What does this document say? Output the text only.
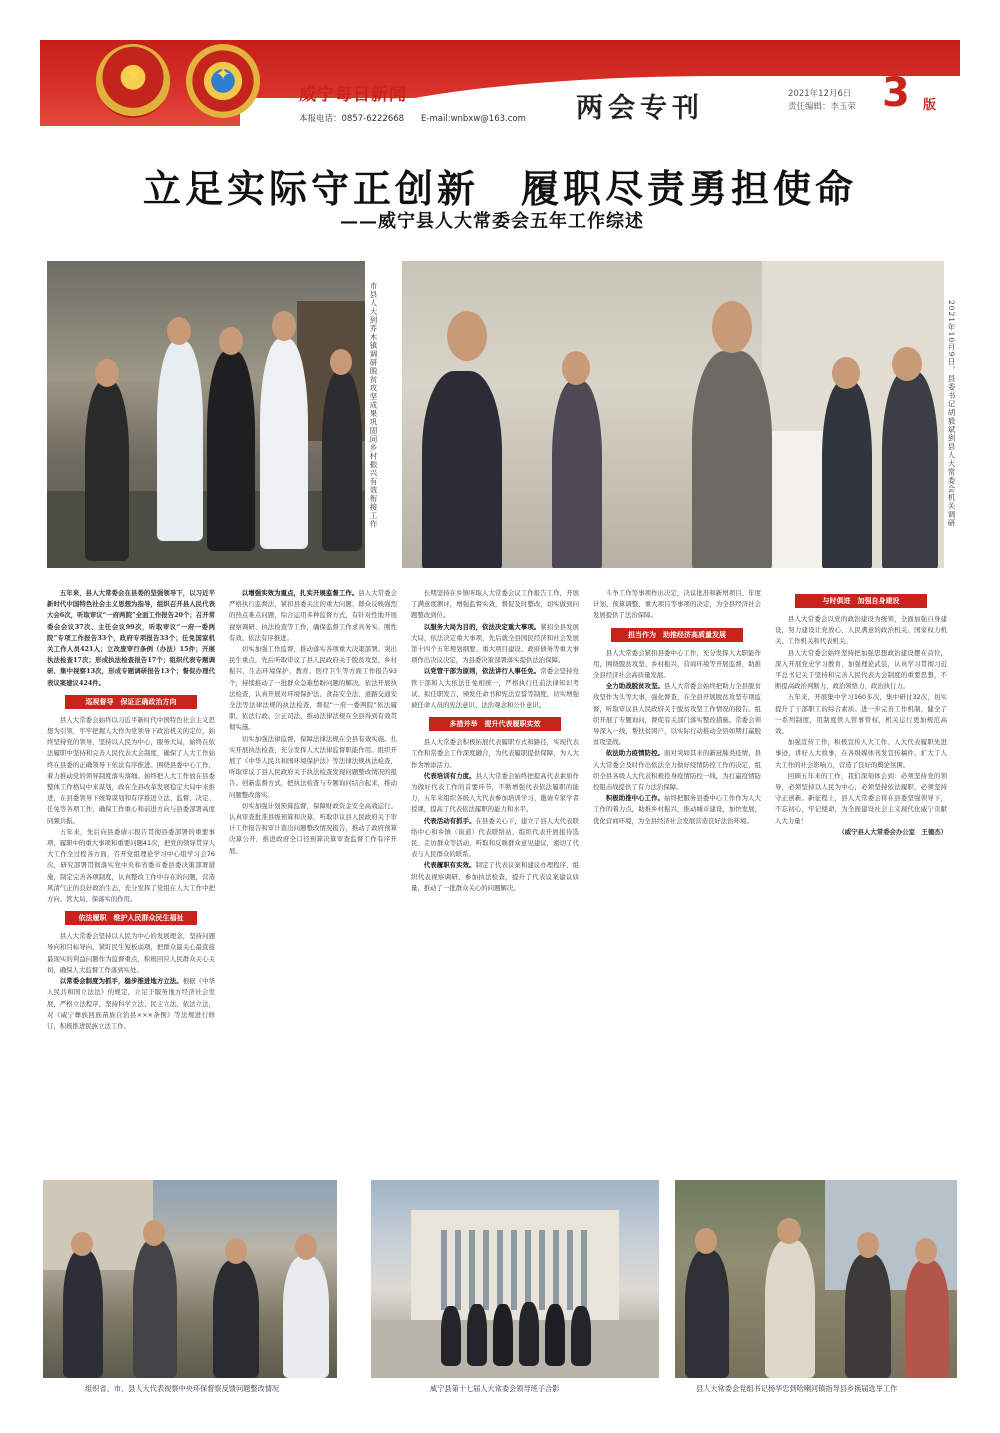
★	✦
威宁每日新闻
本报电话：0857-6222668　　E-mail:wnbxw@163.com 两会专刊	2021年12月6日
责任编辑：李玉荣 3 版
立足实际守正创新　履职尽责勇担使命
——威宁县人大常委会五年工作综述
市县人大到乔木镇调研脱贫攻坚成果巩固同乡村振兴有效衔接工作	2021年10月9日，县委书记胡毅斌到县人大常委会机关调研

五年来，县人大常委会在县委的坚强领导下，以习近平新时代中国特色社会主义思想为指导，组织召开县人民代表大会6次，听取审议“一府两院”全面工作报告20个；召开常委会会议37次、主任会议99次，听取审议“一府一委两院”专项工作报告33个，政府专项报告33个；任免国家机关工作人员421人；立改废审行条例（办法）15件；开展执法检查17次；形成执法检查报告17个；组织代表专题调研、集中视察13次，形成专题调研报告13个；督促办理代表议案建议424件。

巡视督导　保证正确政治方向

县人大常委会始终以习近平新时代中国特色社会主义思想为引领，牢牢把握人大作为党领导下政治机关的定位，始终坚持党的领导，坚持以人民为中心，服务大局，始终在依法履职中坚持和完善人民代表大会制度，确保了人大工作始终在县委的正确领导下依法有序推进。围绕县委中心工作，着力推动党的领导制度落实落细。始终把人大工作放在县委整体工作格局中来谋划，政在全县改革发展稳定大局中来推进，在县委领导下统筹谋划和有序推进立法、监督、决定、任免等各项工作，确保工作重心和前进方向与县委部署高度同频共振。

五年来，先后向县委请示报告贯彻县委部署的重要事项，履职中的重大事项和重要问题41次，把党的领导贯穿人大工作全过程各方面，召开党组理论学习中心组学习会76次，研究部署贯彻落实党中央和省委市委县委决策部署措施，制定完善各项制度，认真整改工作中存在的问题，营造风清气正的良好政治生态，充分发挥了党组在人大工作中把方向、管大局、保落实的作用。

依法履职　维护人民群众民生福祉

县人大常委会坚持以人民为中心的发展理念，坚持问题导向和目标导向，紧盯民生短板弱项，把群众最关心最直接最现实的利益问题作为监督重点，积极回应人民群众关心关切，确保人大监督工作落到实处。

以常委会制度为抓手，稳步推进地方立法。根据《中华人民共和国立法法》的规定，立足于服务地方经济社会发展，严格立法程序，坚持科学立法、民主立法、依法立法，对《威宁彝族回族苗族自治县×××条例》等法规进行修订，积极推进民族立法工作。

以增强实效为重点，扎实开展监督工作。县人大常委会严格执行监督法，紧扣县委关注的重大问题、群众反映强烈的热点难点问题，综合运用多种监督方式，有针对性地开展视察调研、执法检查等工作，确保监督工作求真务实、刚性有效、依法有序推进。

切实加强工作监督，推动落实各项重大决策部署。突出民生重点，先后听取审议了县人民政府关于脱贫攻坚、乡村振兴、生态环境保护、教育、医疗卫生等方面工作报告93个，持续推动了一批群众急难愁盼问题的解决。依法开展执法检查，认真开展对环境保护法、食品安全法、道路交通安全法等法律法规的执法检查，督促“一府一委两院”依法履职、依法行政、公正司法，推动法律法规在全县得到有效贯彻实施。

切实加强法律监督，保障法律法规在全县有效实施。扎实开展执法检查，充分发挥人大法律监督职能作用。组织开展了《中华人民共和国环境保护法》等法律法规执法检查，听取审议了县人民政府关于执法检查发现问题整改情况的报告。创新监督方式，把执法检查与专题询问结合起来，推动问题整改落实。

切实加强计划预算监督，保障财政资金安全高效运行。认真审查批准县级预算和决算，听取审议县人民政府关于审计工作报告和审计查出问题整改情况报告，推动了政府预算决算公开，推进政府全口径预算决算审查监督工作有序开展。

长期坚持在乡镇听取人大常委会议工作报告工作，开展了满意度测评，增强监督实效，督促及时整改，切实做到问题整改到位。

以服务大局为目的，依法决定重大事项。紧扣全县发展大局，依法决定重大事项，先后就全县国民经济和社会发展第十四个五年规划纲要、重大项目建设、政府债务等重大事项作出决议决定，为县委决策部署落实提供法治保障。

以党管干部为原则，依法讲行人事任免。常委会坚持党管干部和人大依法任免相统一，严格执行任前法律知识考试、拟任职发言、颁发任命书和宪法宣誓等制度，切实增强被任命人员的宪法意识、法治观念和公仆意识。

多措并举　提升代表履职实效

县人大常委会积极拓展代表履职方式和路径，实现代表工作和常委会工作深度融合，为代表履职提供保障，为人大作为增添活力。

代表培训有力度。县人大常委会始终把提高代表素质作为做好代表工作的首要环节，不断增强代表依法履职的能力，五年来组织各级人大代表参加培训学习，邀请专家学者授课，提高了代表依法履职的能力和水平。

代表活动有抓手。在县委关心下，建立了县人大代表联络中心和乡镇（街道）代表联络站，组织代表开展接待选民、走访群众等活动，听取和反映群众意见建议，密切了代表与人民群众的联系。

代表履职有实效。制定了代表议案和建议办理程序，组织代表视察调研、参加执法检查，提升了代表议案建议质量，推动了一批群众关心的问题解决。

斗争工作等事项作出决定，决议批准和新增项目、年度计划、预算调整、重大项目等事项的决定，为全县经济社会发展提供了法治保障。

担当作为　助推经济高质量发展

县人大常委会紧扣县委中心工作，充分发挥人大职能作用，围绕脱贫攻坚、乡村振兴、营商环境等开展监督，助推全县经济社会高质量发展。

全力助战脱贫攻坚。县人大常委会始终把助力全县脱贫攻坚作为头等大事，强化督查，在全县开展脱贫攻坚专项监督，听取审议县人民政府关于脱贫攻坚工作情况的报告。组织开展了专题询问，督促有关部门落实整改措施。常委会领导深入一线，帮扶贫困户，以实际行动推动全县如期打赢脱贫攻坚战。

依法助力疫情防控。面对突如其来的新冠肺炎疫情，县人大常委会及时作出依法全力做好疫情防控工作的决定，组织全县各级人大代表积极投身疫情防控一线，为打赢疫情防控阻击战提供了有力法治保障。

积极助推中心工作。始终把服务县委中心工作作为人大工作的着力点，助推乡村振兴，推动城市建设，加快发展，优化营商环境，为全县经济社会发展营造良好法治环境。

与时俱进　加强自身建设

县人大常委会以党的政治建设为统领，全面加强自身建设，努力建设让党放心、人民满意的政治机关、国家权力机关、工作机关和代表机关。

县人大常委会始终坚持把加强思想政治建设摆在首位，深入开展党史学习教育，加强理论武装，认真学习贯彻习近平总书记关于坚持和完善人民代表大会制度的重要思想，不断提高政治判断力、政治领悟力、政治执行力。

五年来，开展集中学习160多次，集中研讨32次，切实提升了干部职工的综合素质。进一步完善工作机制，健全了一系列制度，用制度管人管事管权，机关运行更加规范高效。

加强宣传工作，积极宣传人大工作、人大代表履职先进事迹，讲好人大故事，在各级媒体刊发宣传稿件，扩大了人大工作的社会影响力，营造了良好的舆论氛围。

回顾五年来的工作，我们深刻体会到：必须坚持党的领导，必须坚持以人民为中心，必须坚持依法履职，必须坚持守正创新。新征程上，县人大常委会将在县委坚强领导下，不忘初心，牢记使命，为全面建设社会主义现代化威宁贡献人大力量！

（威宁县人大常委会办公室　王德杰）
组织省、市、县人大代表视察中央环保督察反馈问题整改情况	威宁县第十七届人大常委会领导班子合影	县人大常委会党组书记杨华忠到哈喇河镇指导县乡换届选举工作
